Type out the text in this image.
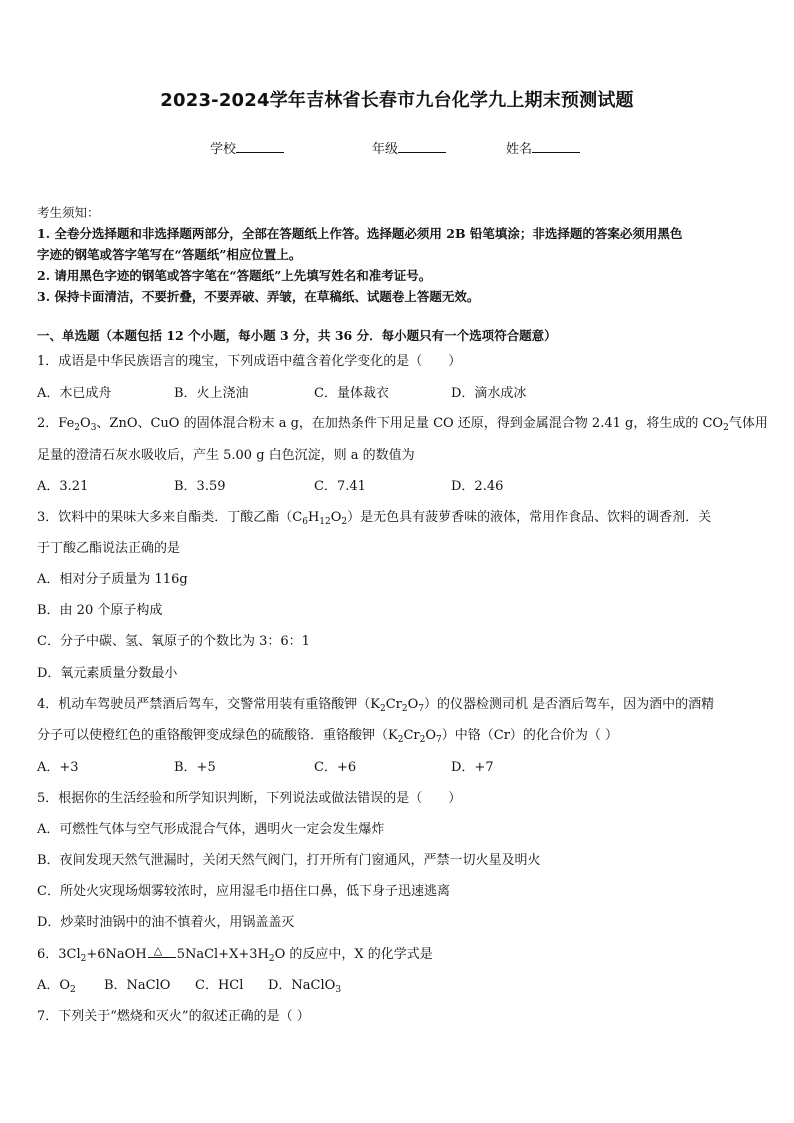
2023-2024学年吉林省长春市九台化学九上期末预测试题
学校	年级	姓名
考生须知：
1. 全卷分选择题和非选择题两部分，全部在答题纸上作答。选择题必须用 2B 铅笔填涂；非选择题的答案必须用黑色
字迹的钢笔或答字笔写在“答题纸”相应位置上。
2. 请用黑色字迹的钢笔或答字笔在“答题纸”上先填写姓名和准考证号。
3. 保持卡面清洁，不要折叠，不要弄破、弄皱，在草稿纸、试题卷上答题无效。
一、单选题（本题包括 12 个小题，每小题 3 分，共 36 分．每小题只有一个选项符合题意）
1．成语是中华民族语言的瑰宝，下列成语中蕴含着化学变化的是（　　）
A．木已成舟	B．火上浇油	C．量体裁衣	D．滴水成冰
2．$Fe_2O_3$、ZnO、CuO 的固体混合粉末 a g，在加热条件下用足量 CO 还原，得到金属混合物 2.41 g，将生成的 $CO_2$气体用
足量的澄清石灰水吸收后，产生 5.00 g 白色沉淀，则 a 的数值为
A．3.21	B．3.59	C．7.41	D．2.46
3．饮料中的果味大多来自酯类．丁酸乙酯$(C_6H_{12}O_2)$是无色具有菠萝香味的液体，常用作食品、饮料的调香剂．关
于丁酸乙酯说法正确的是
A．相对分子质量为 116g
B．由 20 个原子构成
C．分子中碳、氢、氧原子的个数比为 3：6：1
D．氧元素质量分数最小
4．机动车驾驶员严禁酒后驾车，交警常用装有重铬酸钾$(K_2Cr_2O_7)$的仪器检测司机 是否酒后驾车，因为酒中的酒精
分子可以使橙红色的重铬酸钾变成绿色的硫酸铬．重铬酸钾$(K_2Cr_2O_7)$中铬（Cr）的化合价为（ ）
A．+3	B．+5	C．+6	D．+7
5．根据你的生活经验和所学知识判断，下列说法或做法错误的是（　　）
A．可燃性气体与空气形成混合气体，遇明火一定会发生爆炸
B．夜间发现天然气泄漏时，关闭天然气阀门，打开所有门窗通风，严禁一切火星及明火
C．所处火灾现场烟雾较浓时，应用湿毛巾捂住口鼻，低下身子迅速逃离
D．炒菜时油锅中的油不慎着火，用锅盖盖灭
6．$3Cl_2+6NaOH$ △ $5NaCl+X+3H_2O$ 的反应中，X 的化学式是
A．$O_2$ B．NaClO C．HCl D．NaClO$_3$
7．下列关于“燃烧和灭火”的叙述正确的是（ ）
